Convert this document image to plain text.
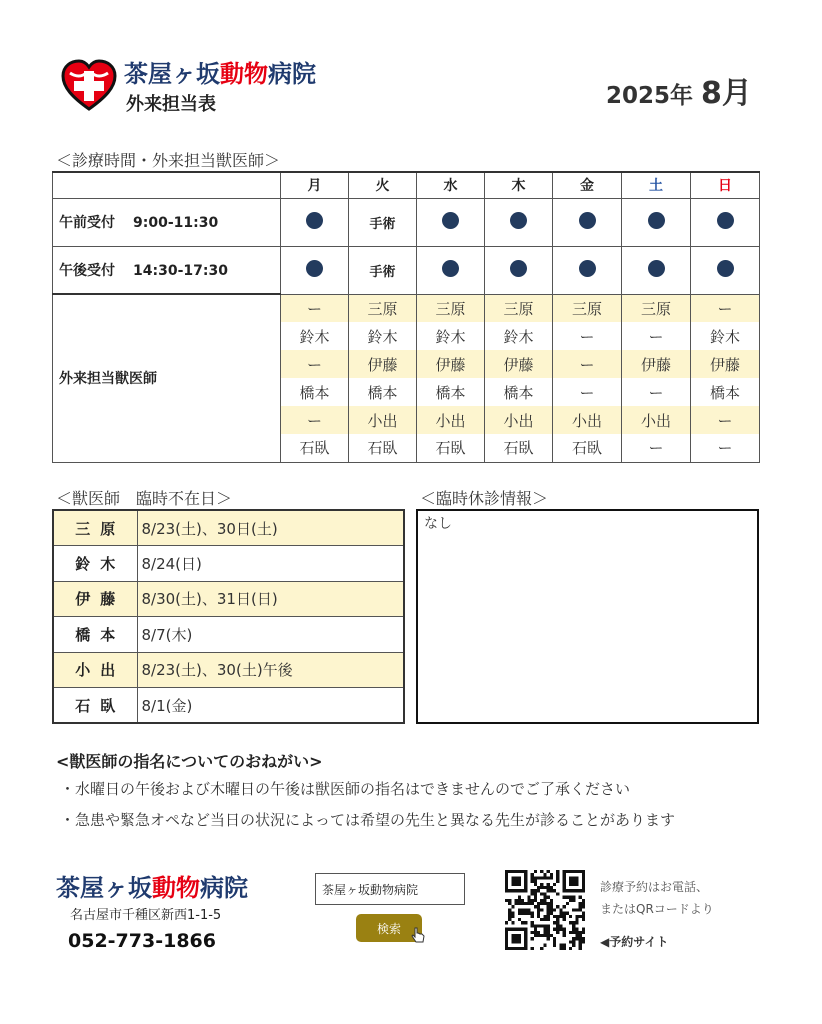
茶屋ヶ坂動物病院
外来担当表	2025年 8月
＜診療時間・外来担当獣医師＞
	月	火	水	木	金	土	日
午前受付 9:00-11:30		手術					
午後受付 14:30-17:30		手術					
外来担当獣医師	ー	三原	三原	三原	三原	三原	ー
	鈴木	鈴木	鈴木	鈴木	ー	ー	鈴木
	ー	伊藤	伊藤	伊藤	ー	伊藤	伊藤
	橋本	橋本	橋本	橋本	ー	ー	橋本
	ー	小出	小出	小出	小出	小出	ー
	石臥	石臥	石臥	石臥	石臥	ー	ー
＜獣医師　臨時不在日＞
三原	8/23(土)、30日(土)
鈴木	8/24(日)
伊藤	8/30(土)、31日(日)
橋本	8/7(木)
小出	8/23(土)、30(土)午後
石臥	8/1(金)
＜臨時休診情報＞
なし
<獣医師の指名についてのおねがい>
・水曜日の午後および木曜日の午後は獣医師の指名はできませんのでご了承ください
・急患や緊急オペなど当日の状況によっては希望の先生と異なる先生が診ることがあります
茶屋ヶ坂動物病院
名古屋市千種区新西1-1-5
052-773-1866
茶屋ヶ坂動物病院
検索
診療予約はお電話、
またはQRコードより
◀予約サイト
